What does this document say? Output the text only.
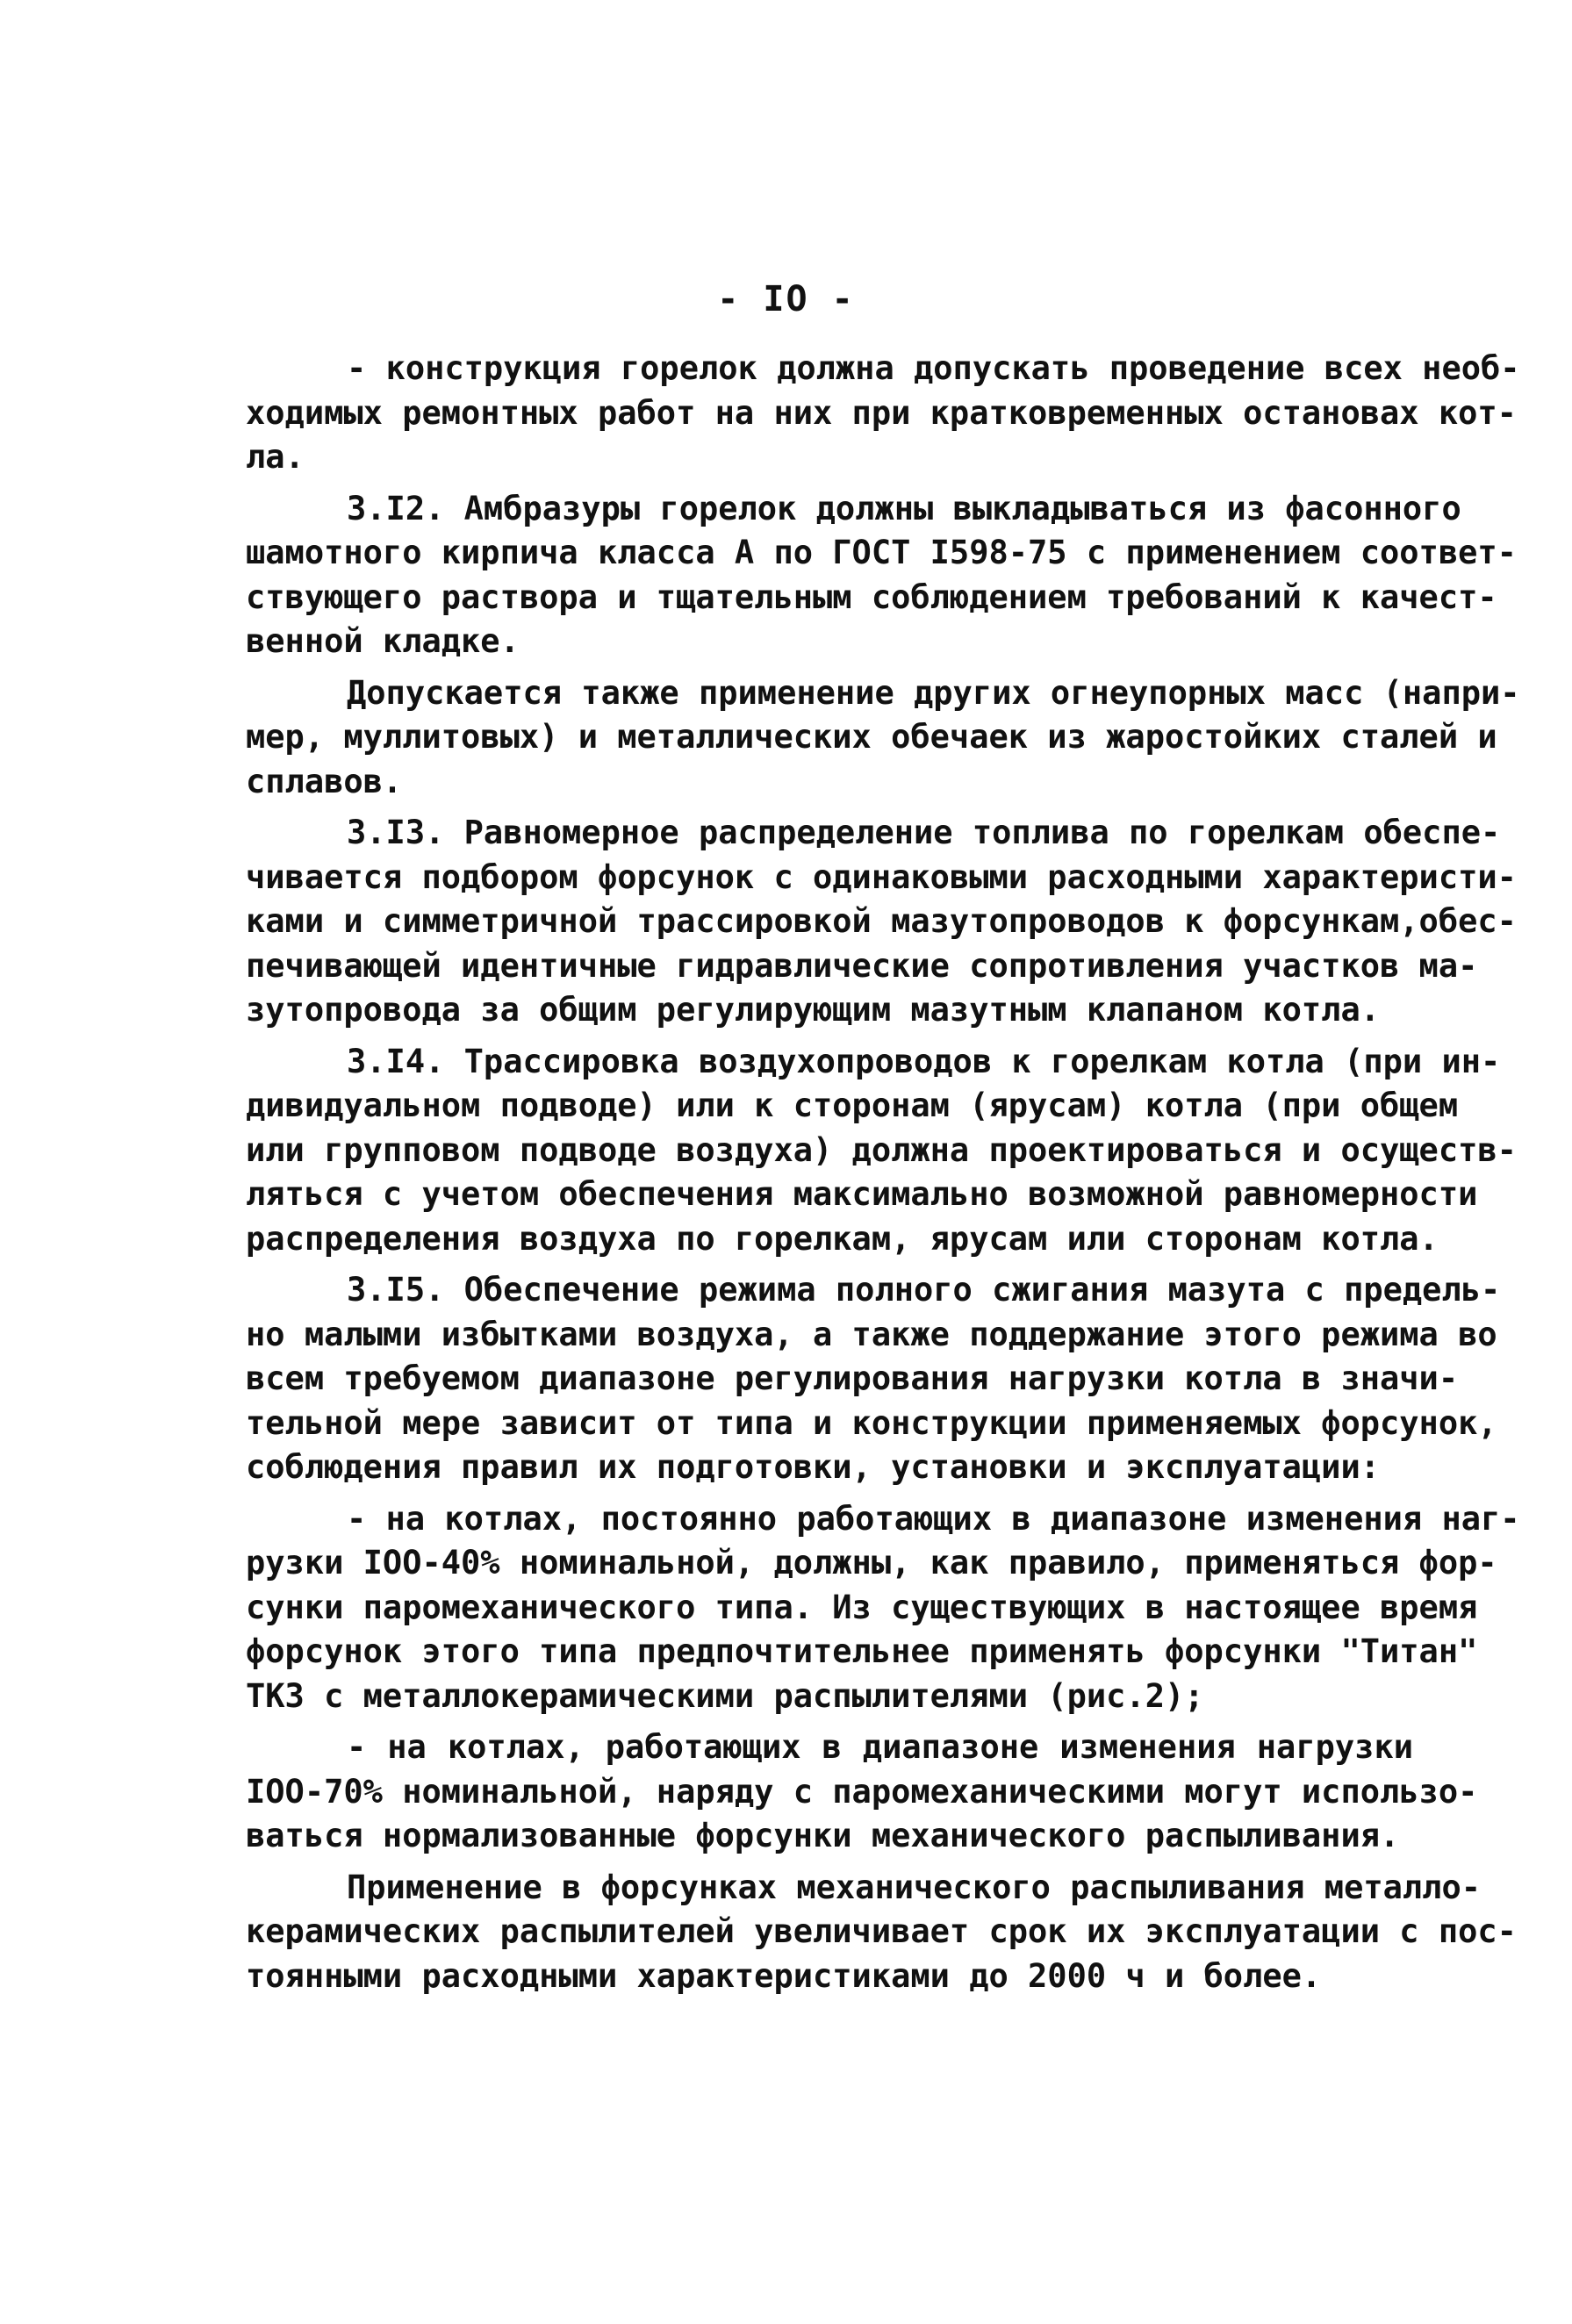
- IO -
- конструкция горелок должна допускать проведение всех необ-
ходимых ремонтных работ на них при кратковременных остановах кот-
ла.
3.I2. Амбразуры горелок должны выкладываться из фасонного
шамотного кирпича класса А по ГОСТ I598-75 с применением соответ-
ствующего раствора и тщательным соблюдением требований к качест-
венной кладке.
Допускается также применение других огнеупорных масс (напри-
мер, муллитовых) и металлических обечаек из жаростойких сталей и
сплавов.
3.I3. Равномерное распределение топлива по горелкам обеспе-
чивается подбором форсунок с одинаковыми расходными характеристи-
ками и симметричной трассировкой мазутопроводов к форсункам,обес-
печивающей идентичные гидравлические сопротивления участков ма-
зутопровода за общим регулирующим мазутным клапаном котла.
3.I4. Трассировка воздухопроводов к горелкам котла (при ин-
дивидуальном подводе) или к сторонам (ярусам) котла (при общем
или групповом подводе воздуха) должна проектироваться и осуществ-
ляться с учетом обеспечения максимально возможной равномерности
распределения воздуха по горелкам, ярусам или сторонам котла.
3.I5. Обеспечение режима полного сжигания мазута с предель-
но малыми избытками воздуха, а также поддержание этого режима во
всем требуемом диапазоне регулирования нагрузки котла в значи-
тельной мере зависит от типа и конструкции применяемых форсунок,
соблюдения правил их подготовки, установки и эксплуатации:
- на котлах, постоянно работающих в диапазоне изменения наг-
рузки IOO-40% номинальной, должны, как правило, применяться фор-
сунки паромеханического типа. Из существующих в настоящее время
форсунок этого типа предпочтительнее применять форсунки "Титан"
ТКЗ с металлокерамическими распылителями (рис.2);
- на котлах, работающих в диапазоне изменения нагрузки
IOO-70% номинальной, наряду с паромеханическими могут использо-
ваться нормализованные форсунки механического распыливания.
Применение в форсунках механического распыливания металло-
керамических распылителей увеличивает срок их эксплуатации с пос-
тоянными расходными характеристиками до 2000 ч и более.
